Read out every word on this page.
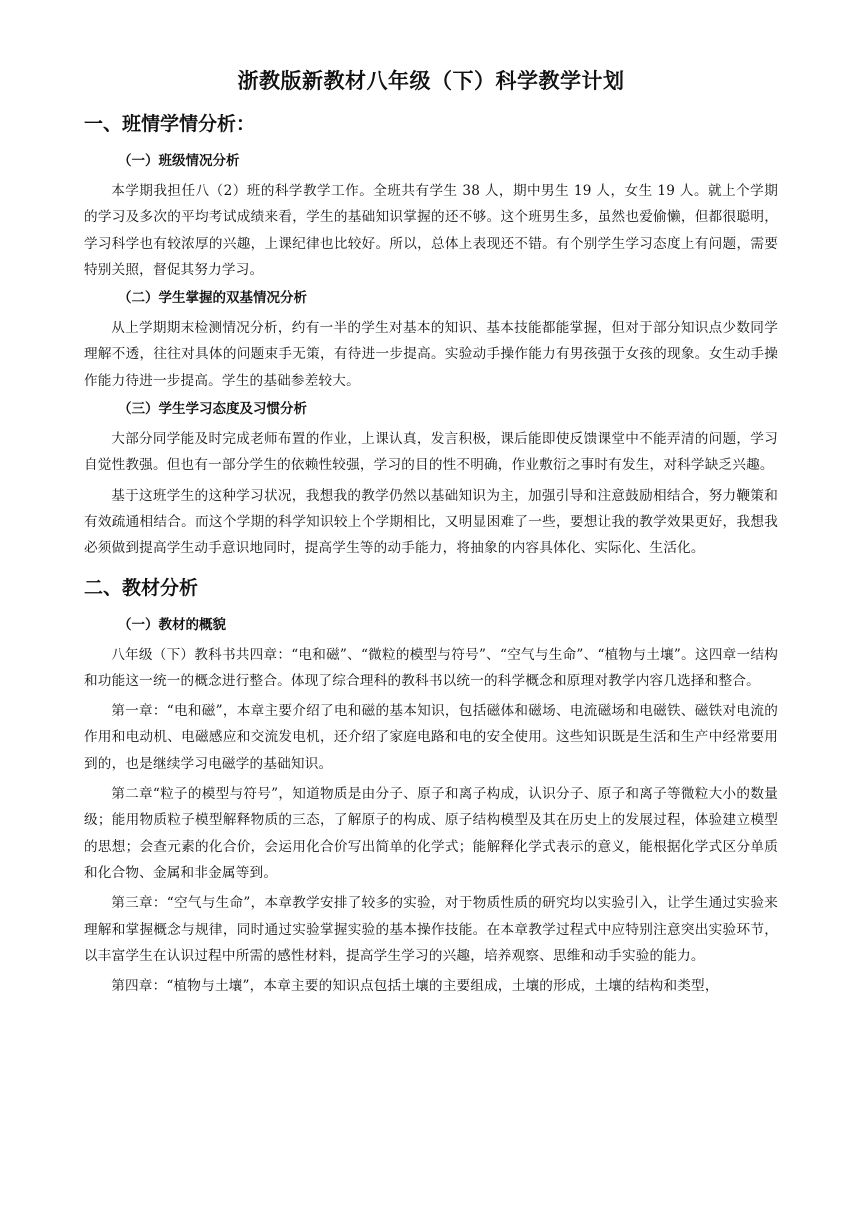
浙教版新教材八年级（下）科学教学计划
一、班情学情分析：
（一）班级情况分析

本学期我担任八（2）班的科学教学工作。全班共有学生 38 人，期中男生 19 人，女生 19 人。就上个学期的学习及多次的平均考试成绩来看，学生的基础知识掌握的还不够。这个班男生多，虽然也爱偷懒，但都很聪明，学习科学也有较浓厚的兴趣，上课纪律也比较好。所以，总体上表现还不错。有个别学生学习态度上有问题，需要特别关照，督促其努力学习。

（二）学生掌握的双基情况分析

从上学期期末检测情况分析，约有一半的学生对基本的知识、基本技能都能掌握，但对于部分知识点少数同学理解不透，往往对具体的问题束手无策，有待进一步提高。实验动手操作能力有男孩强于女孩的现象。女生动手操作能力待进一步提高。学生的基础参差较大。

（三）学生学习态度及习惯分析

大部分同学能及时完成老师布置的作业，上课认真，发言积极，课后能即使反馈课堂中不能弄清的问题，学习自觉性教强。但也有一部分学生的依赖性较强，学习的目的性不明确，作业敷衍之事时有发生，对科学缺乏兴趣。

基于这班学生的这种学习状况，我想我的教学仍然以基础知识为主，加强引导和注意鼓励相结合，努力鞭策和有效疏通相结合。而这个学期的科学知识较上个学期相比，又明显困难了一些，要想让我的教学效果更好，我想我必须做到提高学生动手意识地同时，提高学生等的动手能力，将抽象的内容具体化、实际化、生活化。

二、教材分析
（一）教材的概貌

八年级（下）教科书共四章：“电和磁”、“微粒的模型与符号”、“空气与生命”、“植物与土壤”。这四章一结构和功能这一统一的概念进行整合。体现了综合理科的教科书以统一的科学概念和原理对教学内容几选择和整合。

第一章：“电和磁”，本章主要介绍了电和磁的基本知识，包括磁体和磁场、电流磁场和电磁铁、磁铁对电流的作用和电动机、电磁感应和交流发电机，还介绍了家庭电路和电的安全使用。这些知识既是生活和生产中经常要用到的，也是继续学习电磁学的基础知识。

第二章“粒子的模型与符号”，知道物质是由分子、原子和离子构成，认识分子、原子和离子等微粒大小的数量级；能用物质粒子模型解释物质的三态，了解原子的构成、原子结构模型及其在历史上的发展过程，体验建立模型的思想；会查元素的化合价，会运用化合价写出简单的化学式；能解释化学式表示的意义，能根据化学式区分单质和化合物、金属和非金属等到。

第三章：“空气与生命”，本章教学安排了较多的实验，对于物质性质的研究均以实验引入，让学生通过实验来理解和掌握概念与规律，同时通过实验掌握实验的基本操作技能。在本章教学过程式中应特别注意突出实验环节，以丰富学生在认识过程中所需的感性材料，提高学生学习的兴趣，培养观察、思维和动手实验的能力。

第四章：“植物与土壤”，本章主要的知识点包括土壤的主要组成，土壤的形成，土壤的结构和类型，
